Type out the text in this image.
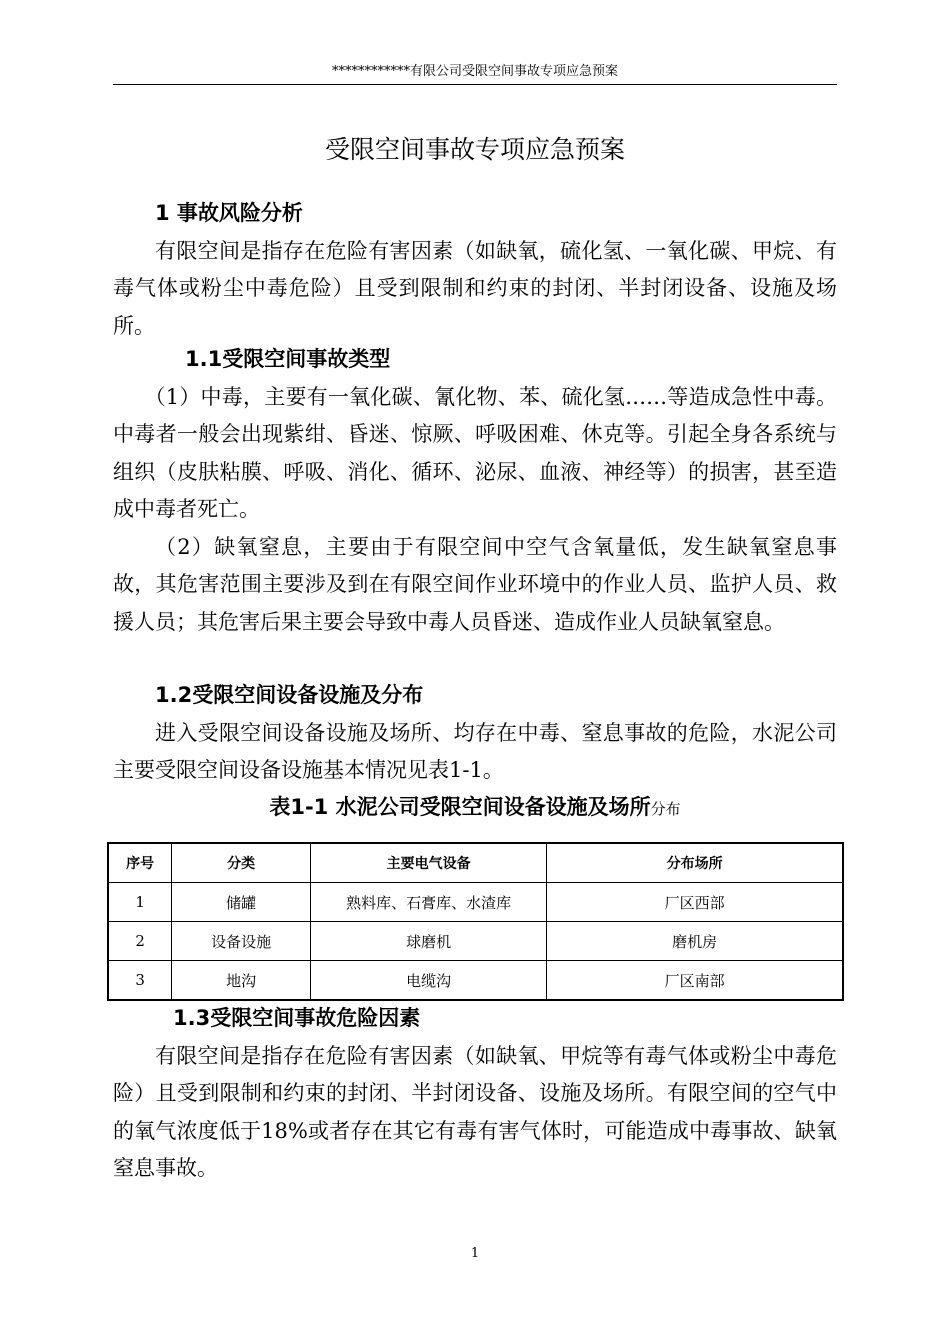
************有限公司受限空间事故专项应急预案
受限空间事故专项应急预案
1 事故风险分析
有限空间是指存在危险有害因素（如缺氧，硫化氢、一氧化碳、甲烷、有毒气体或粉尘中毒危险）且受到限制和约束的封闭、半封闭设备、设施及场所。
1.1受限空间事故类型
（1）中毒，主要有一氧化碳、氰化物、苯、硫化氢……等造成急性中毒。中毒者一般会出现紫绀、昏迷、惊厥、呼吸困难、休克等。引起全身各系统与组织（皮肤粘膜、呼吸、消化、循环、泌尿、血液、神经等）的损害，甚至造成中毒者死亡。
（2）缺氧窒息，主要由于有限空间中空气含氧量低，发生缺氧窒息事故，其危害范围主要涉及到在有限空间作业环境中的作业人员、监护人员、救援人员；其危害后果主要会导致中毒人员昏迷、造成作业人员缺氧窒息。
1.2受限空间设备设施及分布
进入受限空间设备设施及场所、均存在中毒、窒息事故的危险，水泥公司主要受限空间设备设施基本情况见表1-1。
表1-1 水泥公司受限空间设备设施及场所分布
序号	分类	主要电气设备	分布场所
1	储罐	熟料库、石膏库、水渣库	厂区西部
2	设备设施	球磨机	磨机房
3	地沟	电缆沟	厂区南部
1.3受限空间事故危险因素
有限空间是指存在危险有害因素（如缺氧、甲烷等有毒气体或粉尘中毒危险）且受到限制和约束的封闭、半封闭设备、设施及场所。有限空间的空气中的氧气浓度低于18%或者存在其它有毒有害气体时，可能造成中毒事故、缺氧窒息事故。
1
